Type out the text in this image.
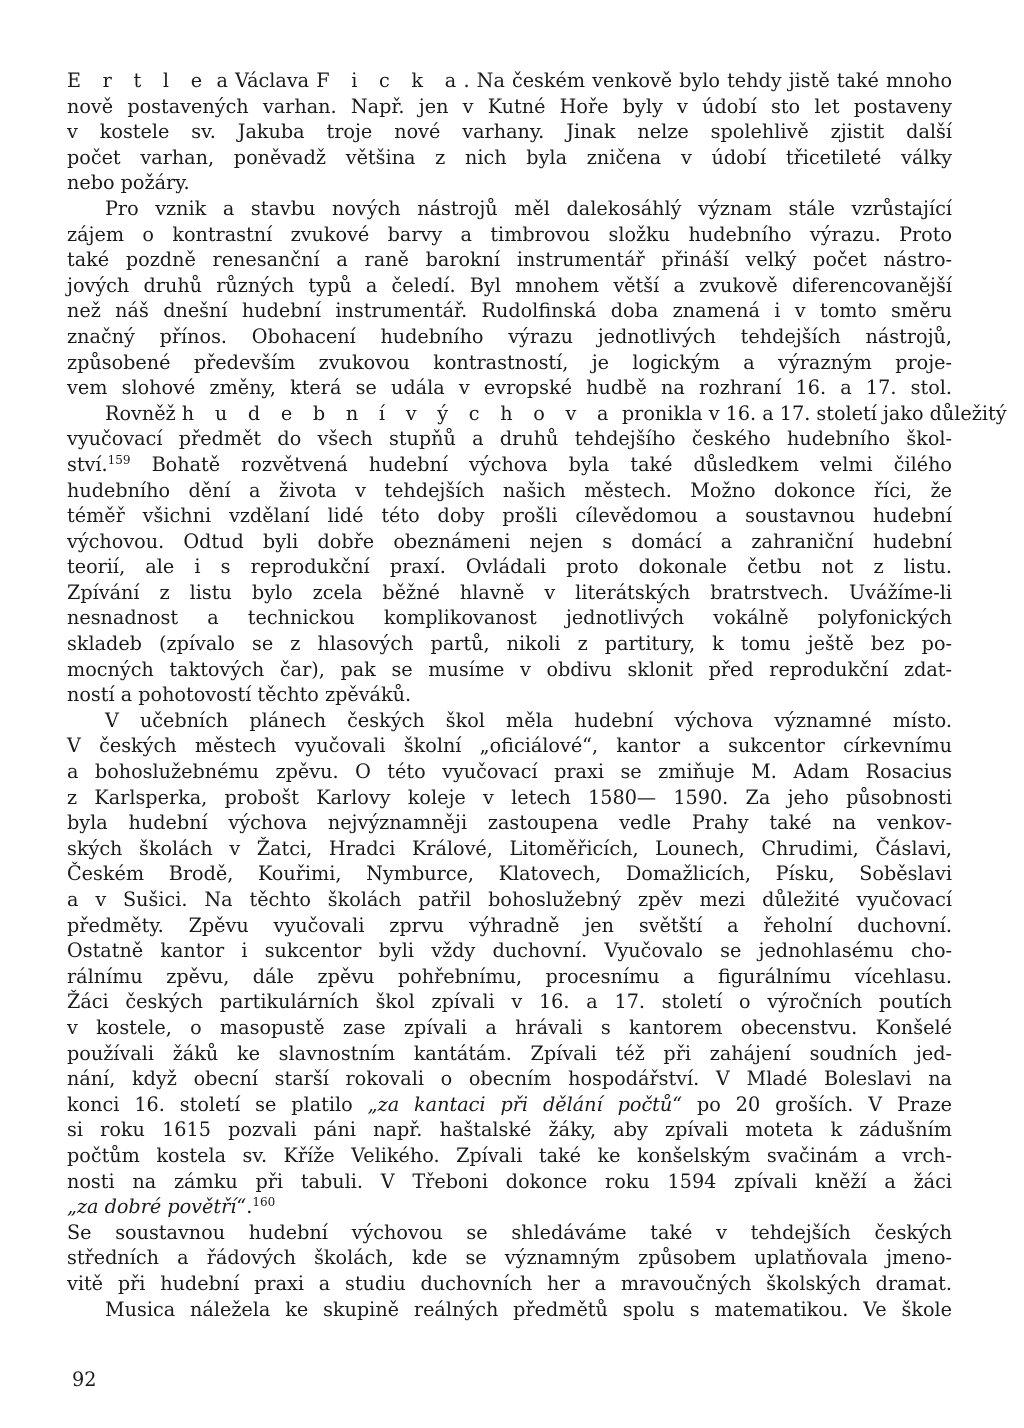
E r t l e a Václava F i c k a. Na českém venkově bylo tehdy jistě také mnoho
nově postavených varhan. Např. jen v Kutné Hoře byly v údobí sto let postaveny
v kostele sv. Jakuba troje nové varhany. Jinak nelze spolehlivě zjistit další
počet varhan, poněvadž většina z nich byla zničena v údobí třicetileté války
nebo požáry.
Pro vznik a stavbu nových nástrojů měl dalekosáhlý význam stále vzrůstající
zájem o kontrastní zvukové barvy a timbrovou složku hudebního výrazu. Proto
také pozdně renesanční a raně barokní instrumentář přináší velký počet nástro-
jových druhů různých typů a čeledí. Byl mnohem větší a zvukově diferencovanější
než náš dnešní hudební instrumentář. Rudolfinská doba znamená i v tomto směru
značný přínos. Obohacení hudebního výrazu jednotlivých tehdejších nástrojů,
způsobené především zvukovou kontrastností, je logickým a výrazným proje-
vem slohové změny, která se udála v evropské hudbě na rozhraní 16. a 17. stol.
Rovněž h u d e b n í v ý c h o v a pronikla v 16. a 17. století jako důležitý
vyučovací předmět do všech stupňů a druhů tehdejšího českého hudebního škol-
ství.$^{159}$ Bohatě rozvětvená hudební výchova byla také důsledkem velmi čilého
hudebního dění a života v tehdejších našich městech. Možno dokonce říci, že
téměř všichni vzdělaní lidé této doby prošli cílevědomou a soustavnou hudební
výchovou. Odtud byli dobře obeznámeni nejen s domácí a zahraniční hudební
teorií, ale i s reprodukční praxí. Ovládali proto dokonale četbu not z listu.
Zpívání z listu bylo zcela běžné hlavně v literátských bratrstvech. Uvážíme-li
nesnadnost a technickou komplikovanost jednotlivých vokálně polyfonických
skladeb (zpívalo se z hlasových partů, nikoli z partitury, k tomu ještě bez po-
mocných taktových čar), pak se musíme v obdivu sklonit před reprodukční zdat-
ností a pohotovostí těchto zpěváků.
V učebních plánech českých škol měla hudební výchova významné místo.
V českých městech vyučovali školní „oficiálové“, kantor a sukcentor církevnímu
a bohoslužebnému zpěvu. O této vyučovací praxi se zmiňuje M. Adam Rosacius
z Karlsperka, probošt Karlovy koleje v letech 1580— 1590. Za jeho působnosti
byla hudební výchova nejvýznamněji zastoupena vedle Prahy také na venkov-
ských školách v Žatci, Hradci Králové, Litoměřicích, Lounech, Chrudimi, Čáslavi,
Českém Brodě, Kouřimi, Nymburce, Klatovech, Domažlicích, Písku, Soběslavi
a v Sušici. Na těchto školách patřil bohoslužebný zpěv mezi důležité vyučovací
předměty. Zpěvu vyučovali zprvu výhradně jen světští a řeholní duchovní.
Ostatně kantor i sukcentor byli vždy duchovní. Vyučovalo se jednohlasému cho-
rálnímu zpěvu, dále zpěvu pohřebnímu, procesnímu a figurálnímu vícehlasu.
Žáci českých partikulárních škol zpívali v 16. a 17. století o výročních poutích
v kostele, o masopustě zase zpívali a hrávali s kantorem obecenstvu. Konšelé
používali žáků ke slavnostním kantátám. Zpívali též při zahájení soudních jed-
nání, když obecní starší rokovali o obecním hospodářství. V Mladé Boleslavi na
konci 16. století se platilo „za kantaci při dělání počtů“ po 20 groších. V Praze
si roku 1615 pozvali páni např. haštalské žáky, aby zpívali moteta k zádušním
počtům kostela sv. Kříže Velikého. Zpívali také ke konšelským svačinám a vrch-
nosti na zámku při tabuli. V Třeboni dokonce roku 1594 zpívali kněží a žáci
„za dobré povětří“.$^{160}$
Se soustavnou hudební výchovou se shledáváme také v tehdejších českých
středních a řádových školách, kde se významným způsobem uplatňovala jmeno-
vitě při hudební praxi a studiu duchovních her a mravoučných školských dramat.
Musica náležela ke skupině reálných předmětů spolu s matematikou. Ve škole
92
